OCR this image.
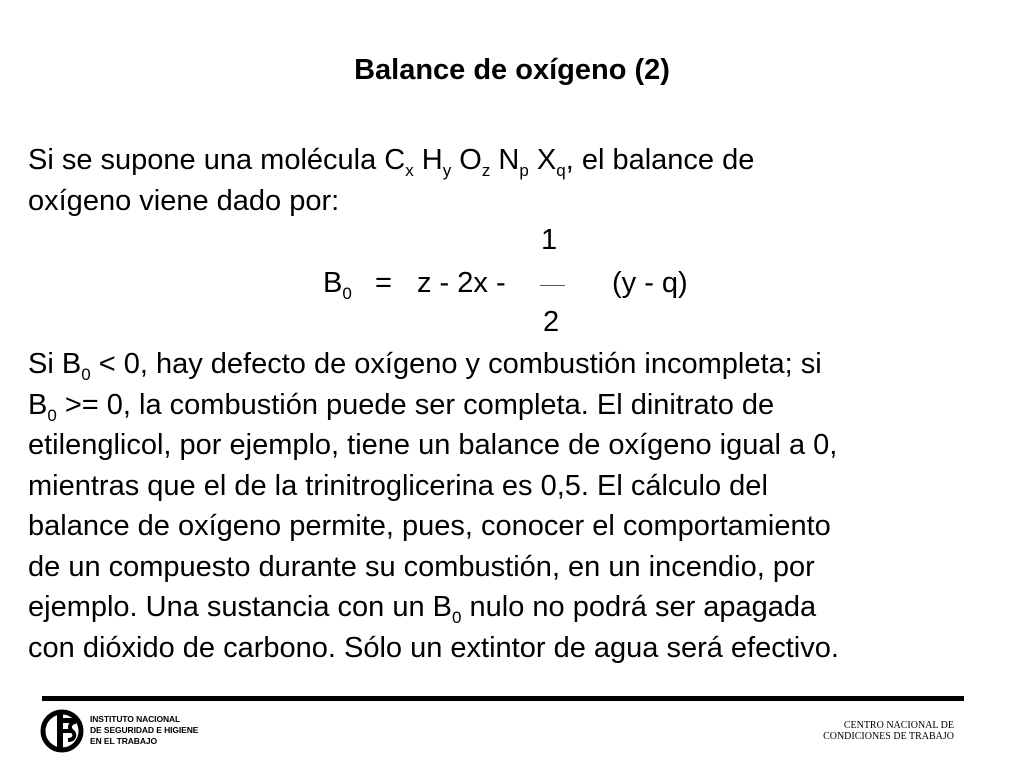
Balance de oxígeno (2)
Si se supone una molécula $C_x$ $H_y$ $O_z$ $N_p$ $X_q$, el balance de
oxígeno viene dado por:
1
$B_0 = z - 2x$ -	(y - q)
2
Si $B_0 < 0$, hay defecto de oxígeno y combustión incompleta; si
$B_0 >= 0$, la combustión puede ser completa. El dinitrato de
etilenglicol, por ejemplo, tiene un balance de oxígeno igual a 0,
mientras que el de la trinitroglicerina es 0,5. El cálculo del
balance de oxígeno permite, pues, conocer el comportamiento
de un compuesto durante su combustión, en un incendio, por
ejemplo. Una sustancia con un $B_0$ nulo no podrá ser apagada
con dióxido de carbono. Sólo un extintor de agua será efectivo.
INSTITUTO NACIONAL
DE SEGURIDAD E HIGIENE
EN EL TRABAJO
CENTRO NACIONAL DE
CONDICIONES DE TRABAJO
